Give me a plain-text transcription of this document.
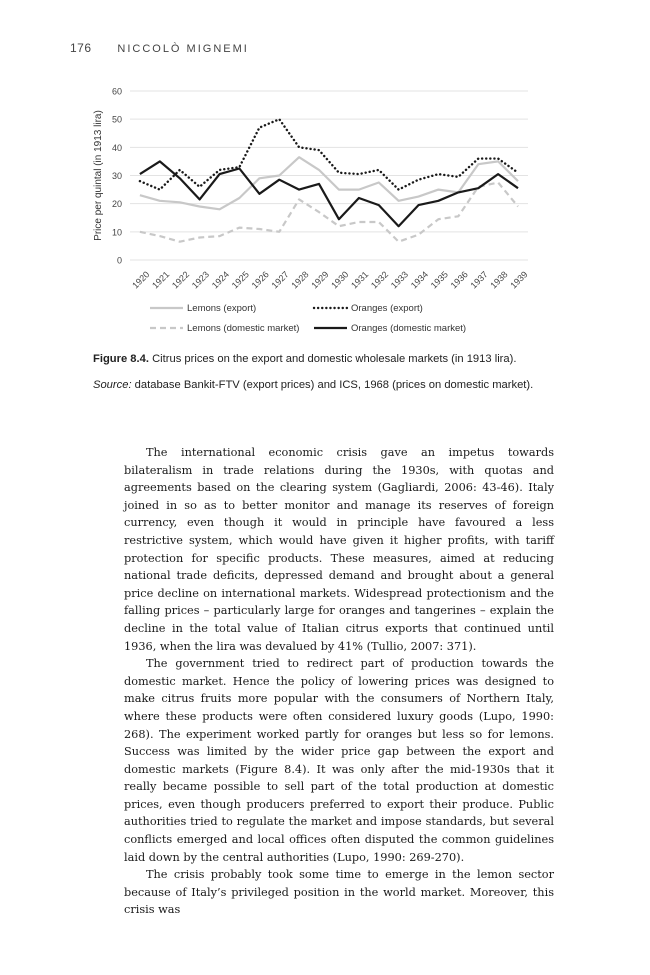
176 NICCOLÒ MIGNEMI
0
10
20
30
40
50
60
Price per quintal (in 1913 lira)
1920
1921
1922
1923
1924
1925
1926
1927
1928
1929
1930
1931
1932
1933
1934
1935
1936
1937
1938
1939
Lemons (export)	Oranges (export)
Lemons (domestic market)	Oranges (domestic market)
Figure 8.4. Citrus prices on the export and domestic wholesale markets (in 1913 lira).
Source: database Bankit-FTV (export prices) and ICS, 1968 (prices on domestic market).

The international economic crisis gave an impetus towards bilateralism in trade relations during the 1930s, with quotas and agreements based on the clearing system (Gagliardi, 2006: 43-46). Italy joined in so as to better monitor and manage its reserves of foreign currency, even though it would in principle have favoured a less restrictive system, which would have given it higher profits, with tariff protection for specific products. These measures, aimed at reducing national trade deficits, depressed demand and brought about a general price decline on international markets. Widespread protectionism and the falling prices – particularly large for oranges and tangerines – explain the decline in the total value of Italian citrus exports that continued until 1936, when the lira was devalued by 41% (Tullio, 2007: 371).

The government tried to redirect part of production towards the domestic market. Hence the policy of lowering prices was designed to make citrus fruits more popular with the consumers of Northern Italy, where these products were often considered luxury goods (Lupo, 1990: 268). The experiment worked partly for oranges but less so for lemons. Success was limited by the wider price gap between the export and domestic markets (Figure 8.4). It was only after the mid-1930s that it really became possible to sell part of the total production at domestic prices, even though producers preferred to export their produce. Public authorities tried to regulate the market and impose standards, but several conflicts emerged and local offices often disputed the common guidelines laid down by the central authorities (Lupo, 1990: 269-270).

The crisis probably took some time to emerge in the lemon sector because of Italy’s privileged position in the world market. Moreover, this crisis was
